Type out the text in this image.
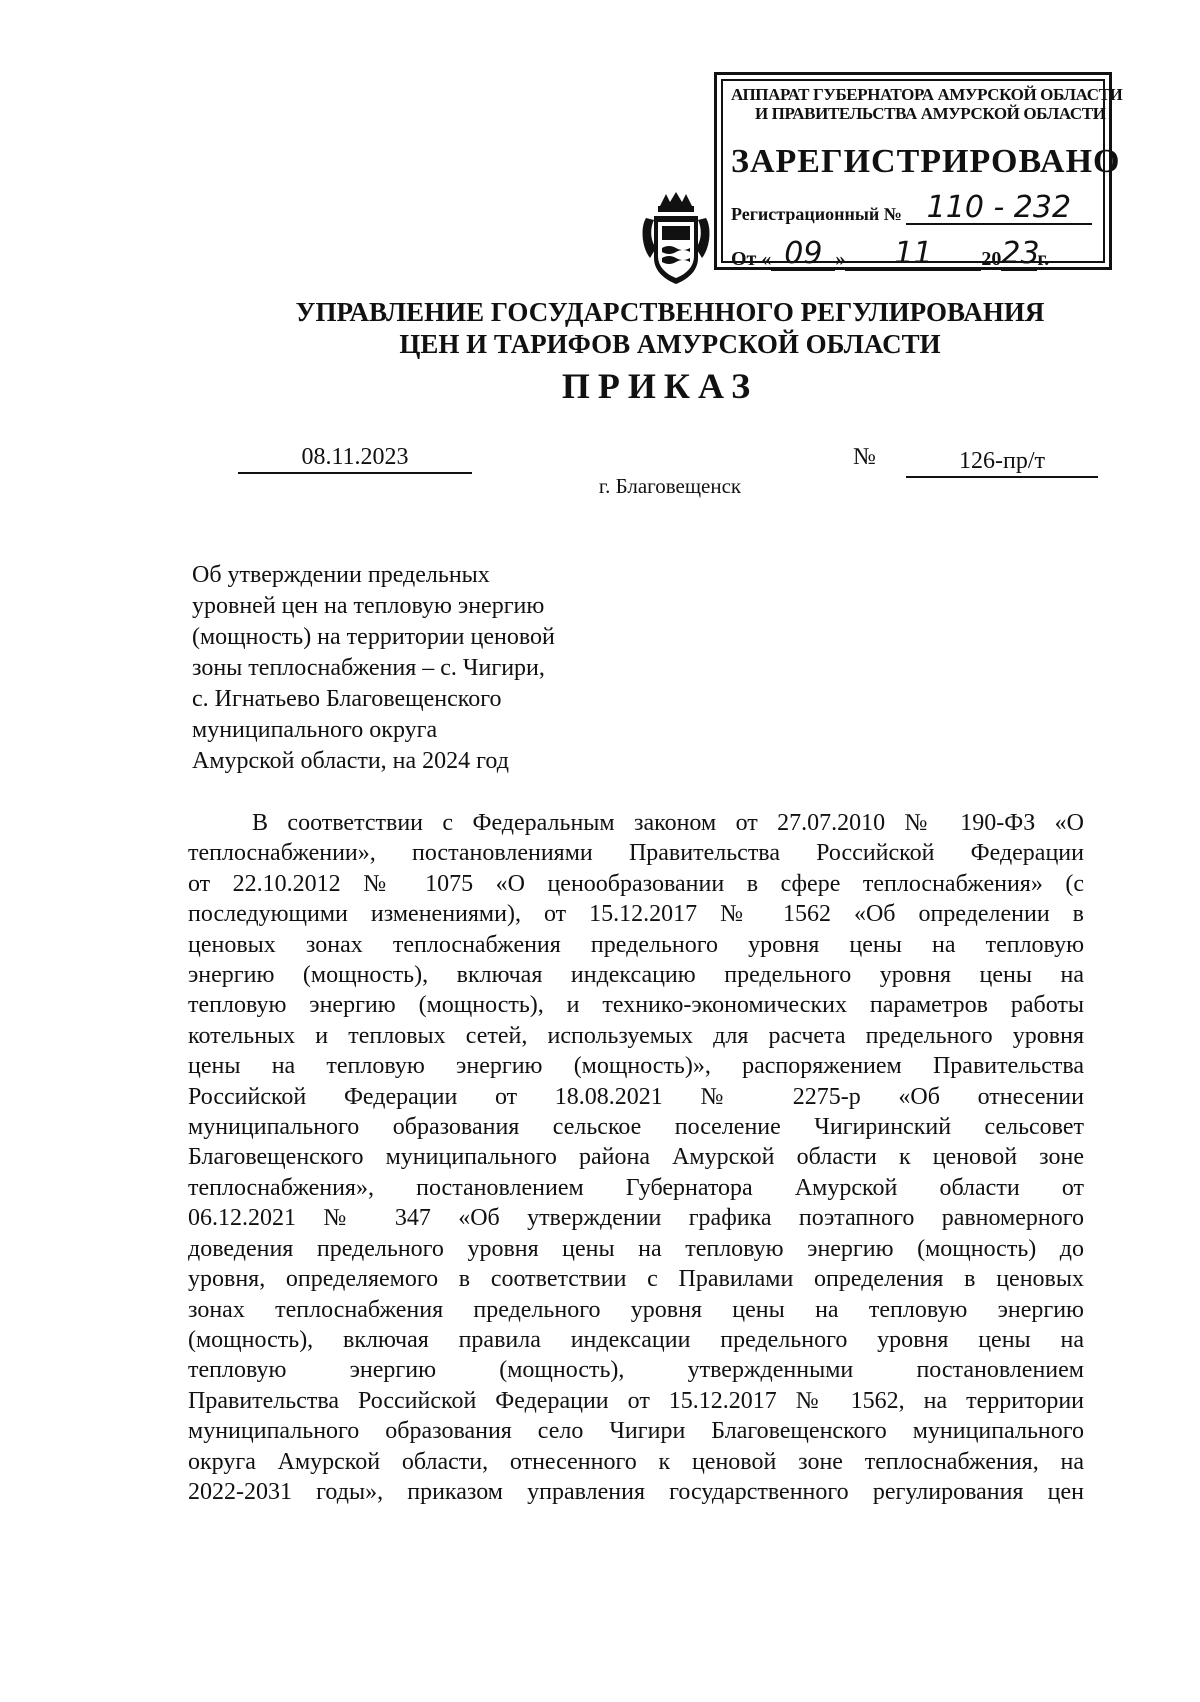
АППАРАТ ГУБЕРНАТОРА АМУРСКОЙ ОБЛАСТИ
И ПРАВИТЕЛЬСТВА АМУРСКОЙ ОБЛАСТИ
ЗАРЕГИСТРИРОВАНО
Регистрационный № 110 - 232
От « 09 »	11	20 23
г.
УПРАВЛЕНИЕ ГОСУДАРСТВЕННОГО РЕГУЛИРОВАНИЯ
ЦЕН И ТАРИФОВ АМУРСКОЙ ОБЛАСТИ
ПРИКАЗ
08.11.2023	№	126-пр/т
г. Благовещенск
Об утверждении предельных
уровней цен на тепловую энергию
(мощность) на территории ценовой
зоны теплоснабжения – с. Чигири,
с. Игнатьево Благовещенского
муниципального округа
Амурской области, на 2024 год
В соответствии с Федеральным законом от 27.07.2010 № 190-ФЗ «О
теплоснабжении», постановлениями Правительства Российской Федерации
от 22.10.2012 № 1075 «О ценообразовании в сфере теплоснабжения» (с
последующими изменениями), от 15.12.2017 № 1562 «Об определении в
ценовых зонах теплоснабжения предельного уровня цены на тепловую
энергию (мощность), включая индексацию предельного уровня цены на
тепловую энергию (мощность), и технико-экономических параметров работы
котельных и тепловых сетей, используемых для расчета предельного уровня
цены на тепловую энергию (мощность)», распоряжением Правительства
Российской Федерации от 18.08.2021 № 2275-р «Об отнесении
муниципального образования сельское поселение Чигиринский сельсовет
Благовещенского муниципального района Амурской области к ценовой зоне
теплоснабжения», постановлением Губернатора Амурской области от
06.12.2021 № 347 «Об утверждении графика поэтапного равномерного
доведения предельного уровня цены на тепловую энергию (мощность) до
уровня, определяемого в соответствии с Правилами определения в ценовых
зонах теплоснабжения предельного уровня цены на тепловую энергию
(мощность), включая правила индексации предельного уровня цены на
тепловую энергию (мощность), утвержденными постановлением
Правительства Российской Федерации от 15.12.2017 № 1562, на территории
муниципального образования село Чигири Благовещенского муниципального
округа Амурской области, отнесенного к ценовой зоне теплоснабжения, на
2022-2031 годы», приказом управления государственного регулирования цен
